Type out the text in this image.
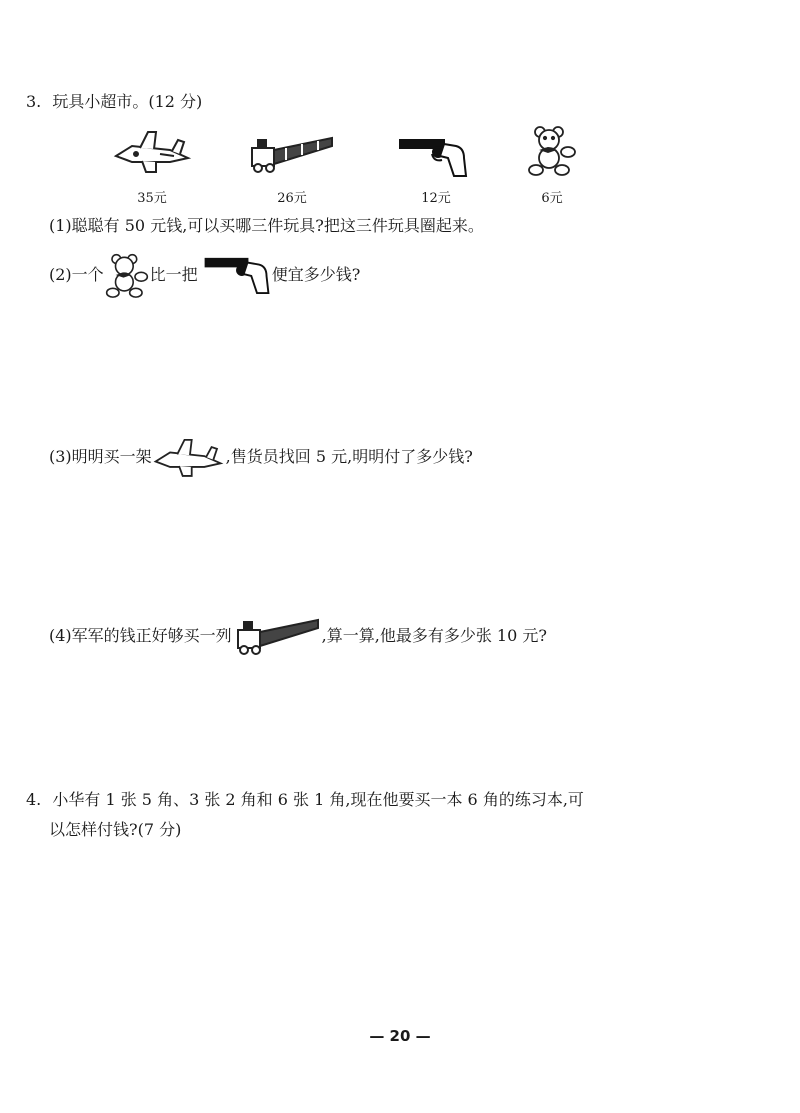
3. 玩具小超市。(12 分)
35元	26元	12元	6元
(1)聪聪有 50 元钱,可以买哪三件玩具?把这三件玩具圈起来。
(2)一个	比一把	便宜多少钱?
(3)明明买一架	,售货员找回 5 元,明明付了多少钱?
(4)军军的钱正好够买一列	,算一算,他最多有多少张 10 元?
4. 小华有 1 张 5 角、3 张 2 角和 6 张 1 角,现在他要买一本 6 角的练习本,可
以怎样付钱?(7 分)
— 20 —
